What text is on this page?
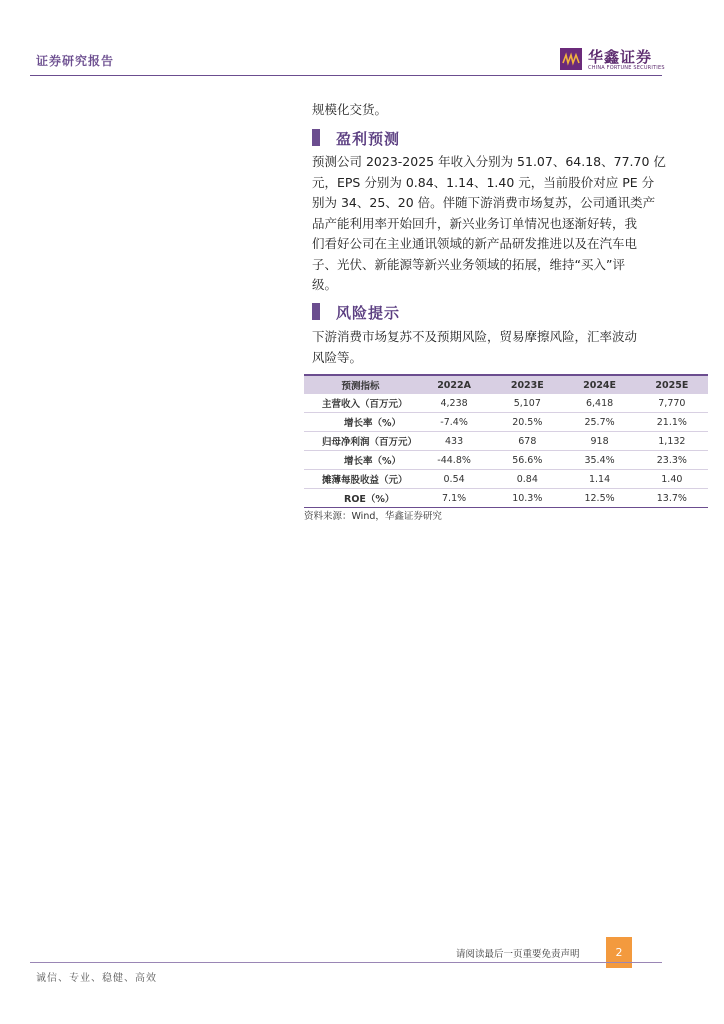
证券研究报告	华鑫证券
CHINA FORTUNE SECURITIES
规模化交货。
盈利预测
预测公司 2023-2025 年收入分别为 51.07、64.18、77.70 亿
元，EPS 分别为 0.84、1.14、1.40 元，当前股价对应 PE 分
别为 34、25、20 倍。伴随下游消费市场复苏，公司通讯类产
品产能利用率开始回升，新兴业务订单情况也逐渐好转，我
们看好公司在主业通讯领域的新产品研发推进以及在汽车电
子、光伏、新能源等新兴业务领域的拓展，维持“买入”评
级。
风险提示
下游消费市场复苏不及预期风险，贸易摩擦风险，汇率波动
风险等。
预测指标	2022A	2023E	2024E	2025E
主营收入（百万元）	4,238	5,107	6,418	7,770
增长率（%）	-7.4%	20.5%	25.7%	21.1%
归母净利润（百万元）	433	678	918	1,132
增长率（%）	-44.8%	56.6%	35.4%	23.3%
摊薄每股收益（元）	0.54	0.84	1.14	1.40
ROE（%）	7.1%	10.3%	12.5%	13.7%
资料来源：Wind，华鑫证券研究
请阅读最后一页重要免责声明	2
诚信、专业、稳健、高效
